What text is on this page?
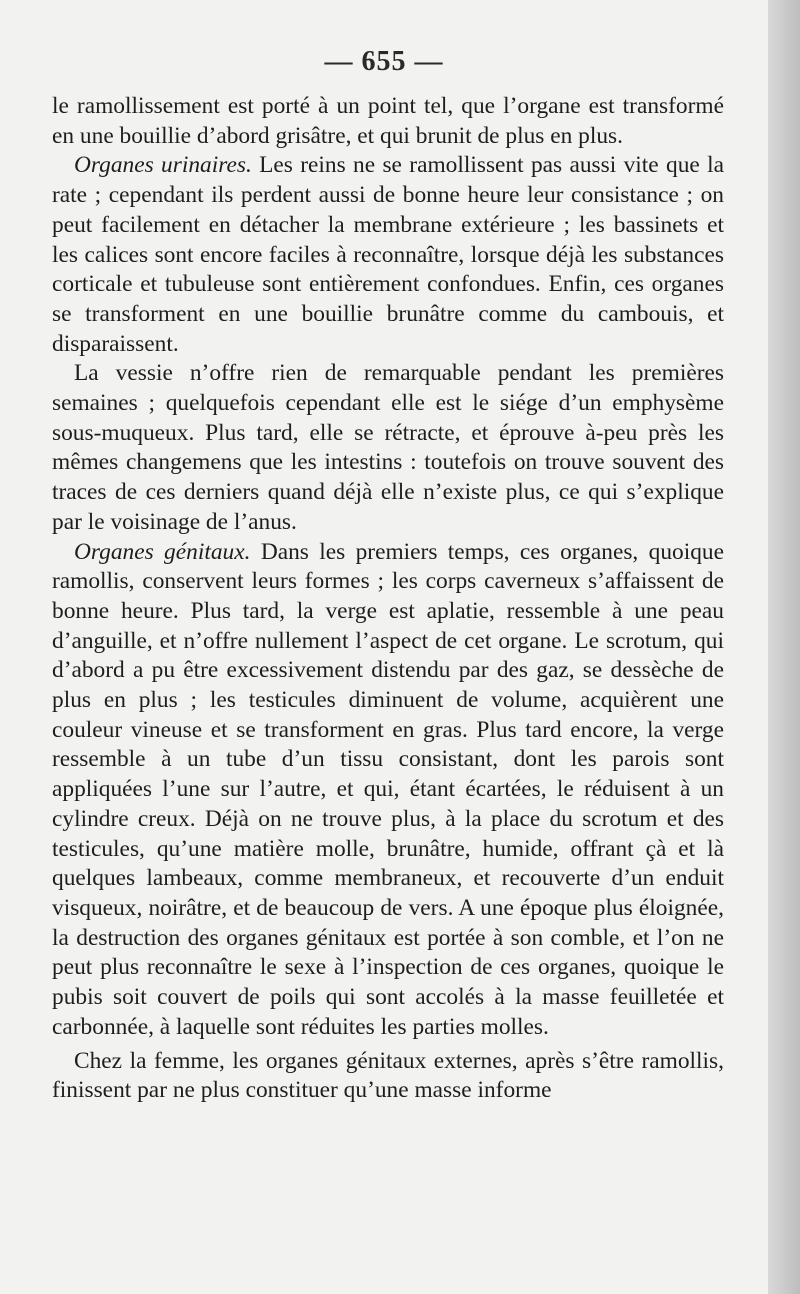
— 655 —

le ramollissement est porté à un point tel, que l’organe est transformé en une bouillie d’abord grisâtre, et qui brunit de plus en plus.

Organes urinaires. Les reins ne se ramollissent pas aussi vite que la rate ; cependant ils perdent aussi de bonne heure leur consistance ; on peut facilement en détacher la membrane extérieure ; les bassinets et les calices sont encore faciles à reconnaître, lorsque déjà les substances corticale et tubuleuse sont entièrement confondues. Enfin, ces organes se transforment en une bouillie brunâtre comme du cambouis, et disparaissent.

La vessie n’offre rien de remarquable pendant les premières semaines ; quelquefois cependant elle est le siége d’un emphysème sous-muqueux. Plus tard, elle se rétracte, et éprouve à-peu près les mêmes changemens que les intestins : toutefois on trouve souvent des traces de ces derniers quand déjà elle n’existe plus, ce qui s’explique par le voisinage de l’anus.

Organes génitaux. Dans les premiers temps, ces organes, quoique ramollis, conservent leurs formes ; les corps caverneux s’affaissent de bonne heure. Plus tard, la verge est aplatie, ressemble à une peau d’anguille, et n’offre nullement l’aspect de cet organe. Le scrotum, qui d’abord a pu être excessivement distendu par des gaz, se dessèche de plus en plus ; les testicules diminuent de volume, acquièrent une couleur vineuse et se transforment en gras. Plus tard encore, la verge ressemble à un tube d’un tissu consistant, dont les parois sont appliquées l’une sur l’autre, et qui, étant écartées, le réduisent à un cylindre creux. Déjà on ne trouve plus, à la place du scrotum et des testicules, qu’une matière molle, brunâtre, humide, offrant çà et là quelques lambeaux, comme membraneux, et recouverte d’un enduit visqueux, noirâtre, et de beaucoup de vers. A une époque plus éloignée, la destruction des organes génitaux est portée à son comble, et l’on ne peut plus reconnaître le sexe à l’inspection de ces organes, quoique le pubis soit couvert de poils qui sont accolés à la masse feuilletée et carbonnée, à laquelle sont réduites les parties molles.

Chez la femme, les organes génitaux externes, après s’être ramollis, finissent par ne plus constituer qu’une masse informe
